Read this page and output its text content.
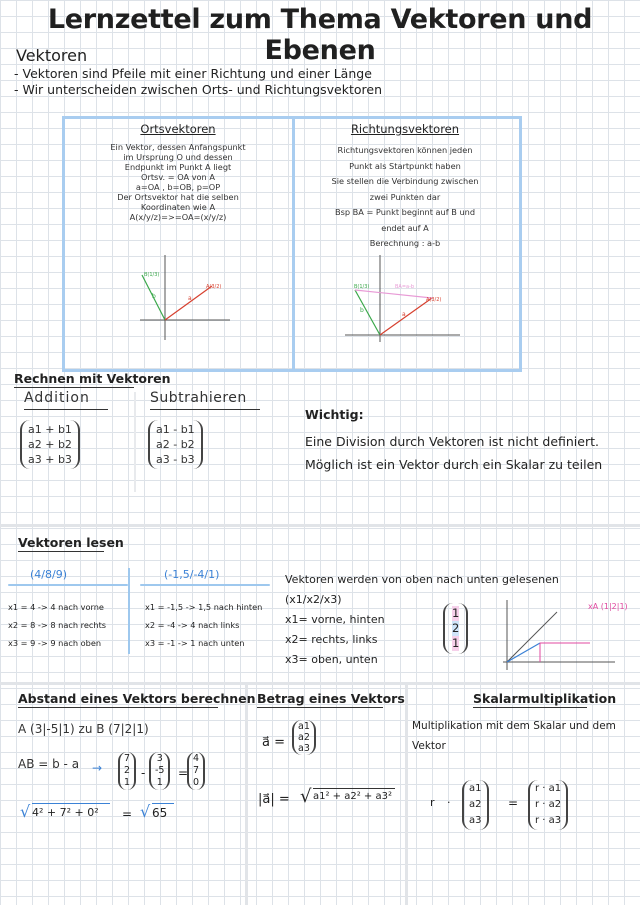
Lernzettel zum Thema Vektoren und Ebenen
Vektoren
- Vektoren sind Pfeile mit einer Richtung und einer Länge
- Wir unterscheiden zwischen Orts- und Richtungsvektoren
Ortsvektoren
Ein Vektor, dessen Anfangspunkt
im Ursprung O und dessen
Endpunkt im Punkt A liegt
Ortsv. = OA von A
a=OA , b=OB, p=OP
Der Ortsvektor hat die selben
Koordinaten wie A
A(x/y/z)=>=OA=(x/y/z)
B(1/3)
A(3/2)
b	a
Richtungsvektoren
Richtungsvektoren können jeden
Punkt als Startpunkt haben
Sie stellen die Verbindung zwischen
zwei Punkten dar
Bsp BA = Punkt beginnt auf B und
endet auf A
Berechnung : a-b
B(1/3)
A(3/2)
b
a
BA=a-b
Rechnen mit Vektoren
Addition
a1 + b1
a2 + b2
a3 + b3
Subtrahieren
a1 - b1
a2 - b2
a3 - b3
Wichtig:
Eine Division durch Vektoren ist nicht definiert.
Möglich ist ein Vektor durch ein Skalar zu teilen
Vektoren lesen
(4/8/9)
x1 = 4 -> 4 nach vorne
x2 = 8 -> 8 nach rechts
x3 = 9 -> 9 nach oben
(-1,5/-4/1)
x1 = -1,5 -> 1,5 nach hinten
x2 = -4 -> 4 nach links
x3 = -1 -> 1 nach unten
Vektoren werden von oben nach unten gelesenen
(x1/x2/x3)
x1= vorne, hinten
x2= rechts, links
x3= oben, unten
1
2
1
xA (1|2|1)
Abstand eines Vektors berechnen
A (3|-5|1) zu B (7|2|1)
AB = b - a →
7
2
1
-
3
-5
1
=
4
7
0
√ 4² + 7² + 0²	= √ 65
Betrag eines Vektors
a⃗ =
a1
a2
a3
|a⃗| = √ a1² + a2² + a3²
Skalarmultiplikation
Multiplikation mit dem Skalar und dem
Vektor
r ·
a1
a2
a3
=
r · a1
r · a2
r · a3
